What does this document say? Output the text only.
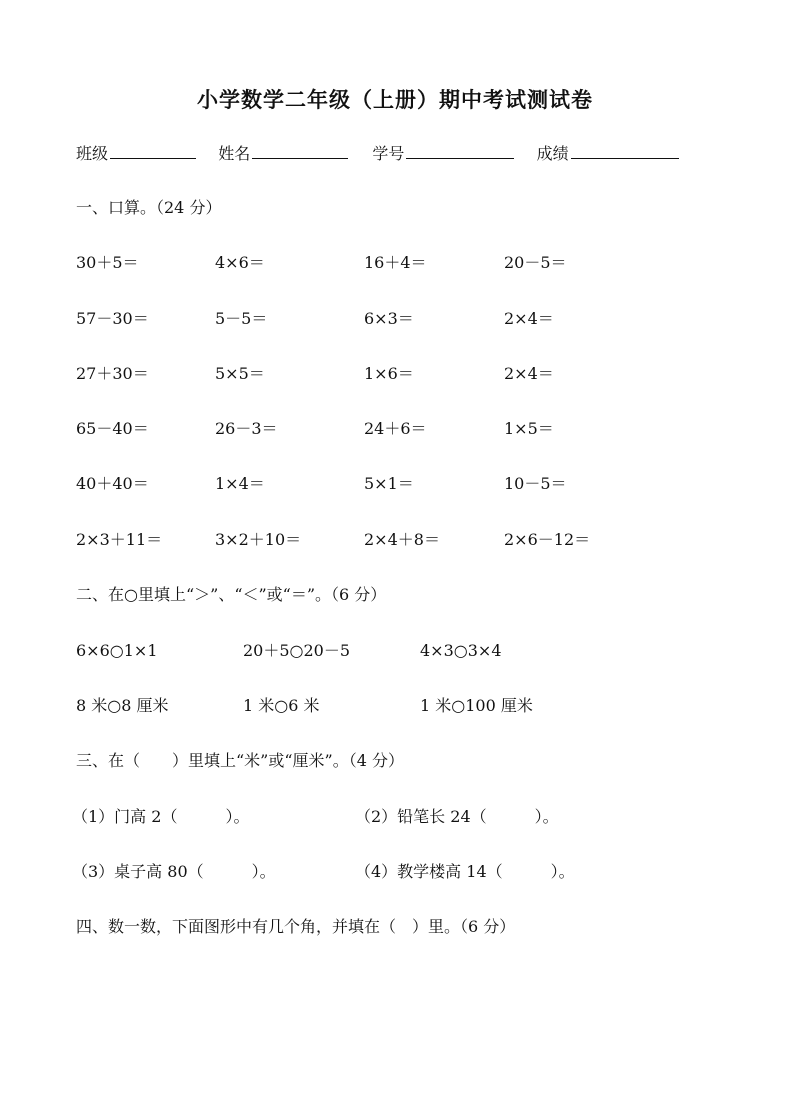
小学数学二年级（上册）期中考试测试卷
班级	姓名	学号	成绩
一、口算。（24 分）
30＋5＝	4×6＝	16＋4＝	20－5＝
57－30＝	5－5＝	6×3＝	2×4＝
27＋30＝	5×5＝	1×6＝	2×4＝
65－40＝	26－3＝	24＋6＝	1×5＝
40＋40＝	1×4＝	5×1＝	10－5＝
2×3＋11＝	3×2＋10＝	2×4＋8＝	2×6－12＝
二、在○里填上“＞”、“＜”或“＝”。（6 分）
6×6○1×1	20＋5○20－5	4×3○3×4
8 米○8 厘米	1 米○6 米	1 米○100 厘米
三、在（　　）里填上“米”或“厘米”。（4 分）
（1）门高 2（　　　）。	（2）铅笔长 24（　　　）。
（3）桌子高 80（　　　）。	（4）教学楼高 14（　　　）。
四、数一数，下面图形中有几个角，并填在（　）里。（6 分）
